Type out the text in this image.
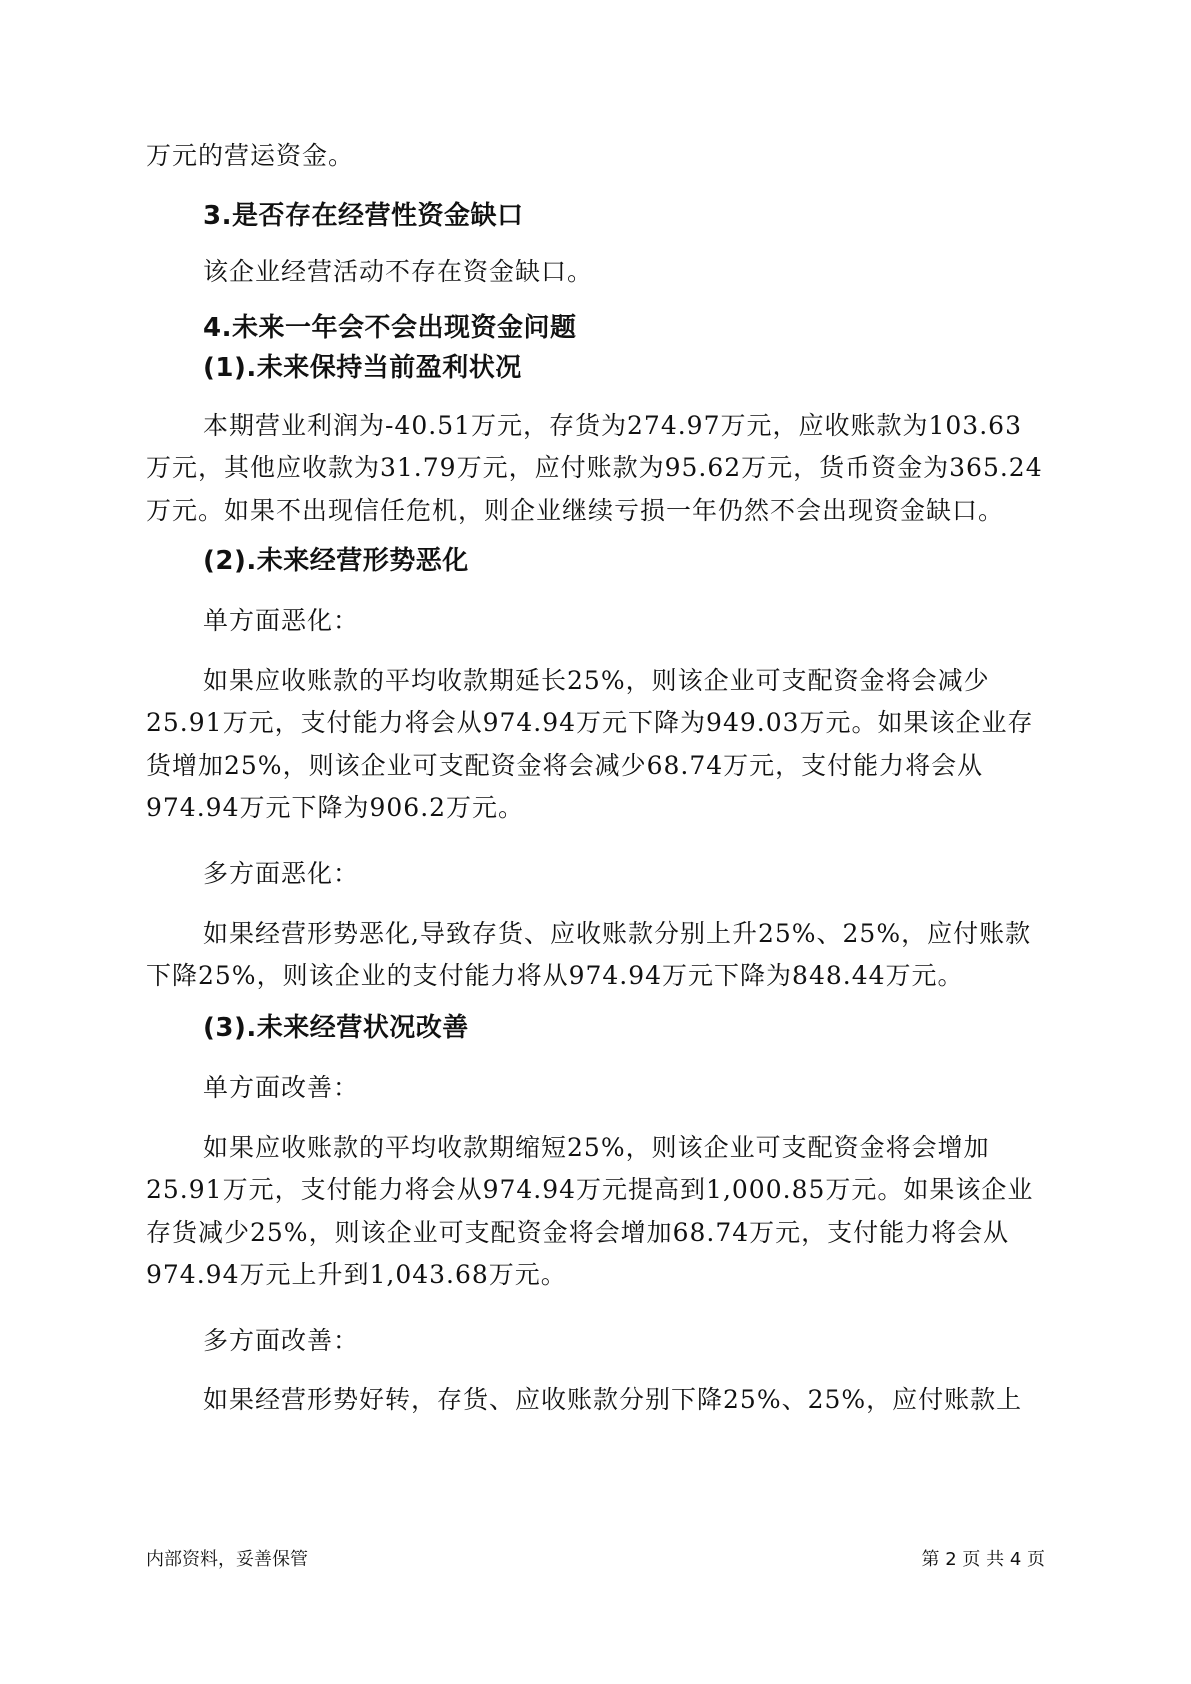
万元的营运资金。
3.是否存在经营性资金缺口
该企业经营活动不存在资金缺口。
4.未来一年会不会出现资金问题
(1).未来保持当前盈利状况
本期营业利润为-40.51万元，存货为274.97万元，应收账款为103.63
万元，其他应收款为31.79万元，应付账款为95.62万元，货币资金为365.24
万元。如果不出现信任危机，则企业继续亏损一年仍然不会出现资金缺口。
(2).未来经营形势恶化
单方面恶化：
如果应收账款的平均收款期延长25%，则该企业可支配资金将会减少
25.91万元，支付能力将会从974.94万元下降为949.03万元。如果该企业存
货增加25%，则该企业可支配资金将会减少68.74万元，支付能力将会从
974.94万元下降为906.2万元。
多方面恶化：
如果经营形势恶化,导致存货、应收账款分别上升25%、25%，应付账款
下降25%，则该企业的支付能力将从974.94万元下降为848.44万元。
(3).未来经营状况改善
单方面改善：
如果应收账款的平均收款期缩短25%，则该企业可支配资金将会增加
25.91万元，支付能力将会从974.94万元提高到1,000.85万元。如果该企业
存货减少25%，则该企业可支配资金将会增加68.74万元，支付能力将会从
974.94万元上升到1,043.68万元。
多方面改善：
如果经营形势好转，存货、应收账款分别下降25%、25%，应付账款上
内部资料，妥善保管	第 2 页 共 4 页
